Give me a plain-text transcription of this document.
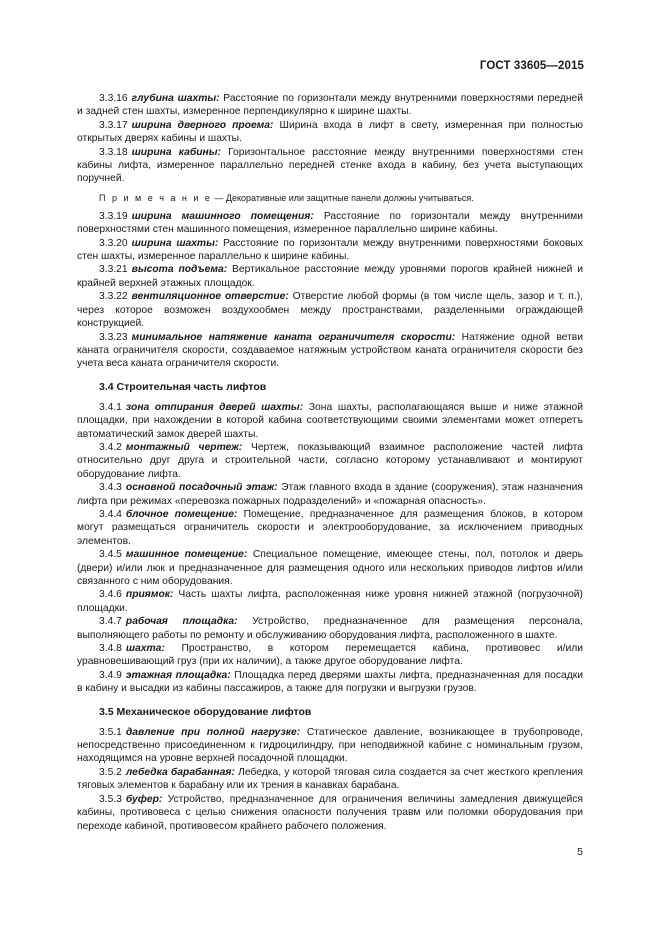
ГОСТ 33605—2015

3.3.16 глубина шахты: Расстояние по горизонтали между внутренними поверхностями передней и задней стен шахты, измеренное перпендикулярно к ширине шахты.

3.3.17 ширина дверного проема: Ширина входа в лифт в свету, измеренная при полностью открытых дверях кабины и шахты.

3.3.18 ширина кабины: Горизонтальное расстояние между внутренними поверхностями стен кабины лифта, измеренное параллельно передней стенке входа в кабину, без учета выступающих поручней.

П р и м е ч а н и е — Декоративные или защитные панели должны учитываться.

3.3.19 ширина машинного помещения: Расстояние по горизонтали между внутренними поверхностями стен машинного помещения, измеренное параллельно ширине кабины.

3.3.20 ширина шахты: Расстояние по горизонтали между внутренними поверхностями боковых стен шахты, измеренное параллельно к ширине кабины.

3.3.21 высота подъема: Вертикальное расстояние между уровнями порогов крайней нижней и крайней верхней этажных площадок.

3.3.22 вентиляционное отверстие: Отверстие любой формы (в том числе щель, зазор и т. п.), через которое возможен воздухообмен между пространствами, разделенными ограждающей конструкцией.

3.3.23 минимальное натяжение каната ограничителя скорости: Натяжение одной ветви каната ограничителя скорости, создаваемое натяжным устройством каната ограничителя скорости без учета веса каната ограничителя скорости.

3.4 Строительная часть лифтов

3.4.1 зона отпирания дверей шахты: Зона шахты, располагающаяся выше и ниже этажной площадки, при нахождении в которой кабина соответствующими своими элементами может отперетъ автоматический замок дверей шахты.

3.4.2 монтажный чертеж: Чертеж, показывающий взаимное расположение частей лифта относительно друг друга и строительной части, согласно которому устанавливают и монтируют оборудование лифта.

3.4.3 основной посадочный этаж: Этаж главного входа в здание (сооружения), этаж назначения лифта при режимах «перевозка пожарных подразделений» и «пожарная опасность».

3.4.4 блочное помещение: Помещение, предназначенное для размещения блоков, в котором могут размещаться ограничитель скорости и электрооборудование, за исключением приводных элементов.

3.4.5 машинное помещение: Специальное помещение, имеющее стены, пол, потолок и дверь (двери) и/или люк и предназначенное для размещения одного или нескольких приводов лифтов и/или связанного с ним оборудования.

3.4.6 приямок: Часть шахты лифта, расположенная ниже уровня нижней этажной (погрузочной) площадки.

3.4.7 рабочая площадка: Устройство, предназначенное для размещения персонала, выполняющего работы по ремонту и обслуживанию оборудования лифта, расположенного в шахте.

3.4.8 шахта: Пространство, в котором перемещается кабина, противовес и/или уравновешивающий груз (при их наличии), а также другое оборудование лифта.

3.4.9 этажная площадка: Площадка перед дверями шахты лифта, предназначенная для посадки в кабину и высадки из кабины пассажиров, а также для погрузки и выгрузки грузов.

3.5 Механическое оборудование лифтов

3.5.1 давление при полной нагрузке: Статическое давление, возникающее в трубопроводе, непосредственно присоединенном к гидроцилиндру, при неподвижной кабине с номинальным грузом, находящимся на уровне верхней посадочной площадки.

3.5.2 лебедка барабанная: Лебедка, у которой тяговая сила создается за счет жесткого крепления тяговых элементов к барабану или их трения в канавках барабана.

3.5.3 буфер: Устройство, предназначенное для ограничения величины замедления движущейся кабины, противовеса с целью снижения опасности получения травм или поломки оборудования при переходе кабиной, противовесом крайнего рабочего положения.

5
